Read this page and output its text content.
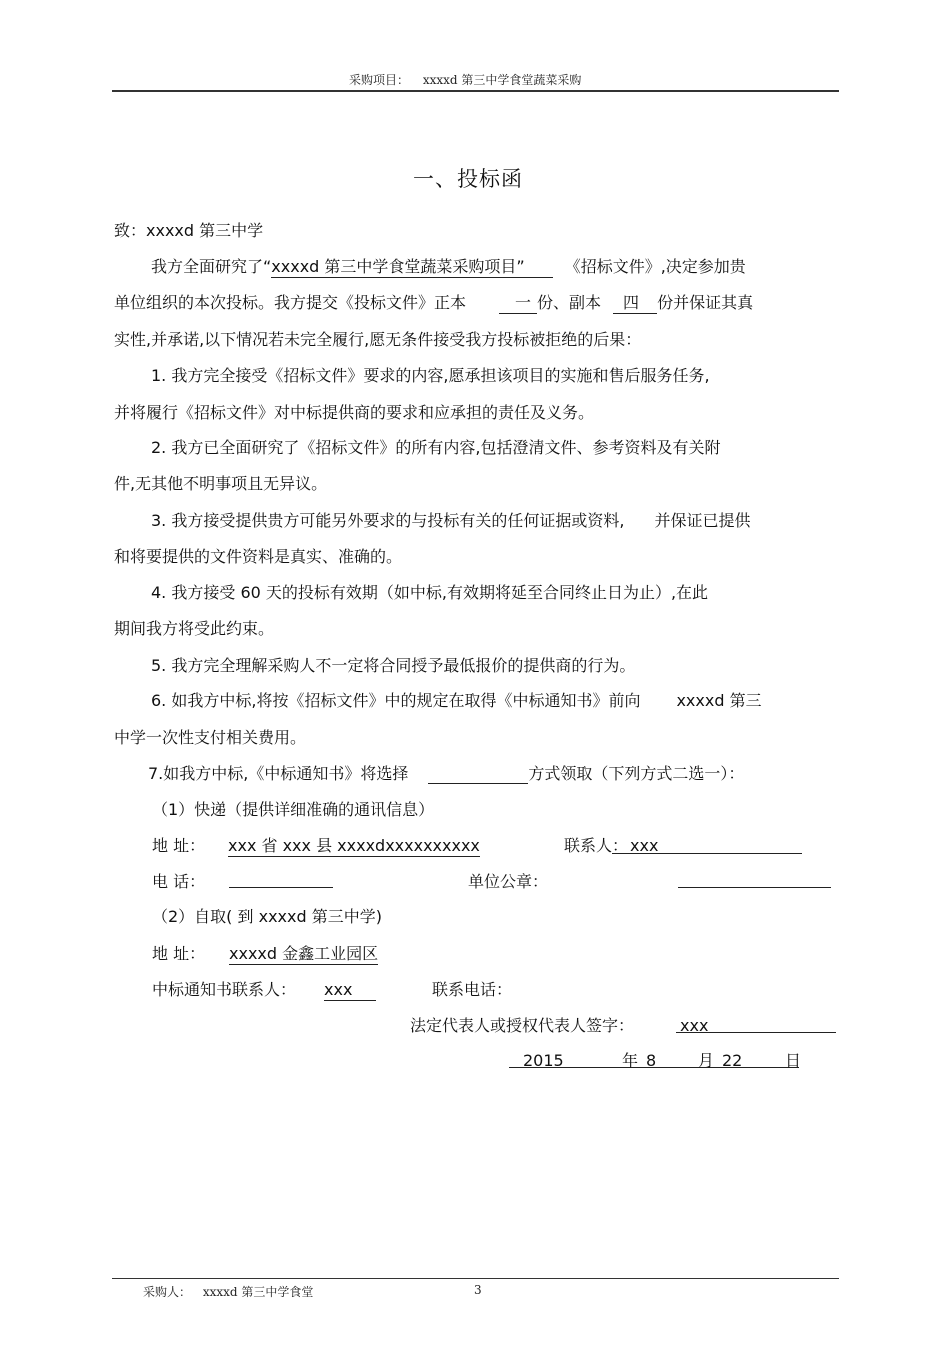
采购项目： xxxxd 第三中学食堂蔬菜采购
一、投标函
致：xxxxd 第三中学
我方全面研究了“xxxxd 第三中学食堂蔬菜采购项目”	《招标文件》,决定参加贵
单位组织的本次投标。我方提交《投标文件》正本	一 份、副本 四 份并保证其真
实性,并承诺,以下情况若未完全履行,愿无条件接受我方投标被拒绝的后果：
1. 我方完全接受《招标文件》要求的内容,愿承担该项目的实施和售后服务任务,
并将履行《招标文件》对中标提供商的要求和应承担的责任及义务。
2. 我方已全面研究了《招标文件》的所有内容,包括澄清文件、参考资料及有关附
件,无其他不明事项且无异议。
3. 我方接受提供贵方可能另外要求的与投标有关的任何证据或资料, 并保证已提供
和将要提供的文件资料是真实、准确的。
4. 我方接受 60 天的投标有效期（如中标,有效期将延至合同终止日为止）,在此
期间我方将受此约束。
5. 我方完全理解采购人不一定将合同授予最低报价的提供商的行为。
6. 如我方中标,将按《招标文件》中的规定在取得《中标通知书》前向 xxxxd 第三
中学一次性支付相关费用。
7.如我方中标,《中标通知书》将选择	方式领取（下列方式二选一）：
（1）快递（提供详细准确的通讯信息）
地 址： xxx 省 xxx 县 xxxxdxxxxxxxxxx	联系人： xxx
电 话：	单位公章：
（2）自取( 到 xxxxd 第三中学)
地 址： xxxxd 金鑫工业园区
中标通知书联系人： xxx	联系电话：
法定代表人或授权代表人签字：	xxx
2015	年 8	月 22	日
采购人： xxxxd 第三中学食堂	3
